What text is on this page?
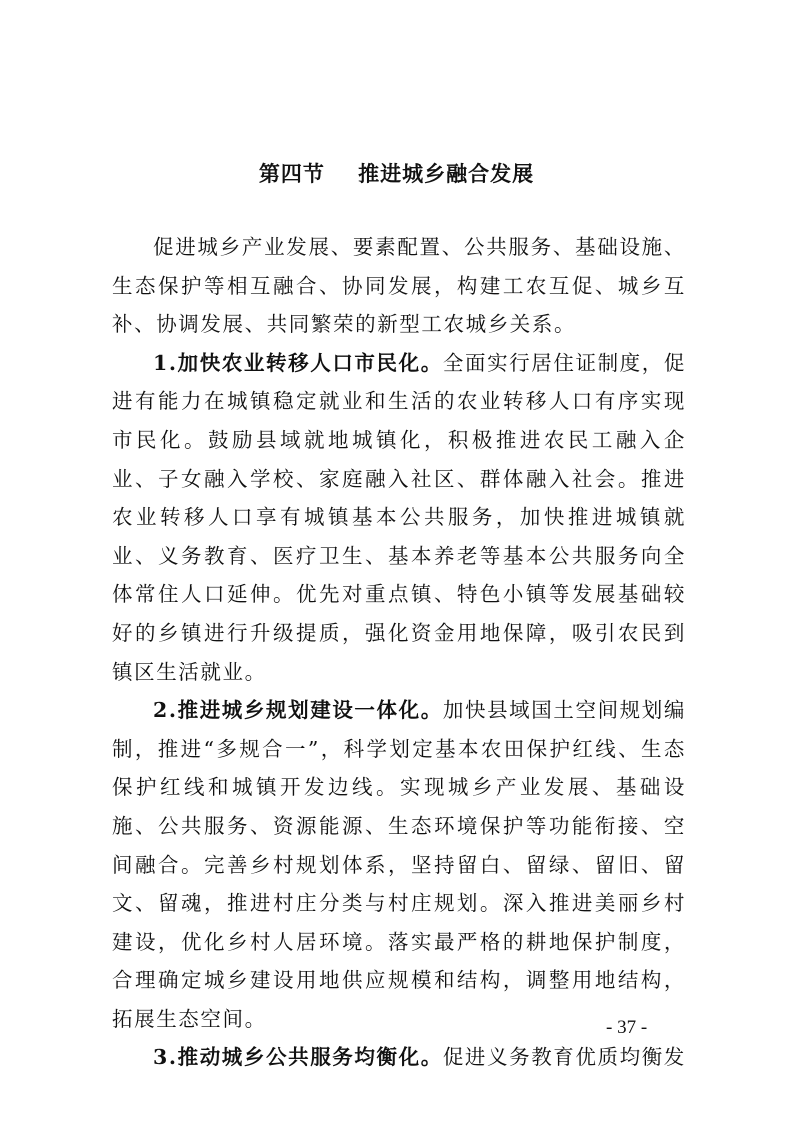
第四节    推进城乡融合发展

促进城乡产业发展、要素配置、公共服务、基础设施、生态保护等相互融合、协同发展，构建工农互促、城乡互补、协调发展、共同繁荣的新型工农城乡关系。

1.加快农业转移人口市民化。全面实行居住证制度，促进有能力在城镇稳定就业和生活的农业转移人口有序实现市民化。鼓励县域就地城镇化，积极推进农民工融入企业、子女融入学校、家庭融入社区、群体融入社会。推进农业转移人口享有城镇基本公共服务，加快推进城镇就业、义务教育、医疗卫生、基本养老等基本公共服务向全体常住人口延伸。优先对重点镇、特色小镇等发展基础较好的乡镇进行升级提质，强化资金用地保障，吸引农民到镇区生活就业。

2.推进城乡规划建设一体化。加快县域国土空间规划编制，推进“多规合一”，科学划定基本农田保护红线、生态保护红线和城镇开发边线。实现城乡产业发展、基础设施、公共服务、资源能源、生态环境保护等功能衔接、空间融合。完善乡村规划体系，坚持留白、留绿、留旧、留文、留魂，推进村庄分类与村庄规划。深入推进美丽乡村建设，优化乡村人居环境。落实最严格的耕地保护制度，合理确定城乡建设用地供应规模和结构，调整用地结构，拓展生态空间。

3.推动城乡公共服务均衡化。促进义务教育优质均衡发

- 37 -
